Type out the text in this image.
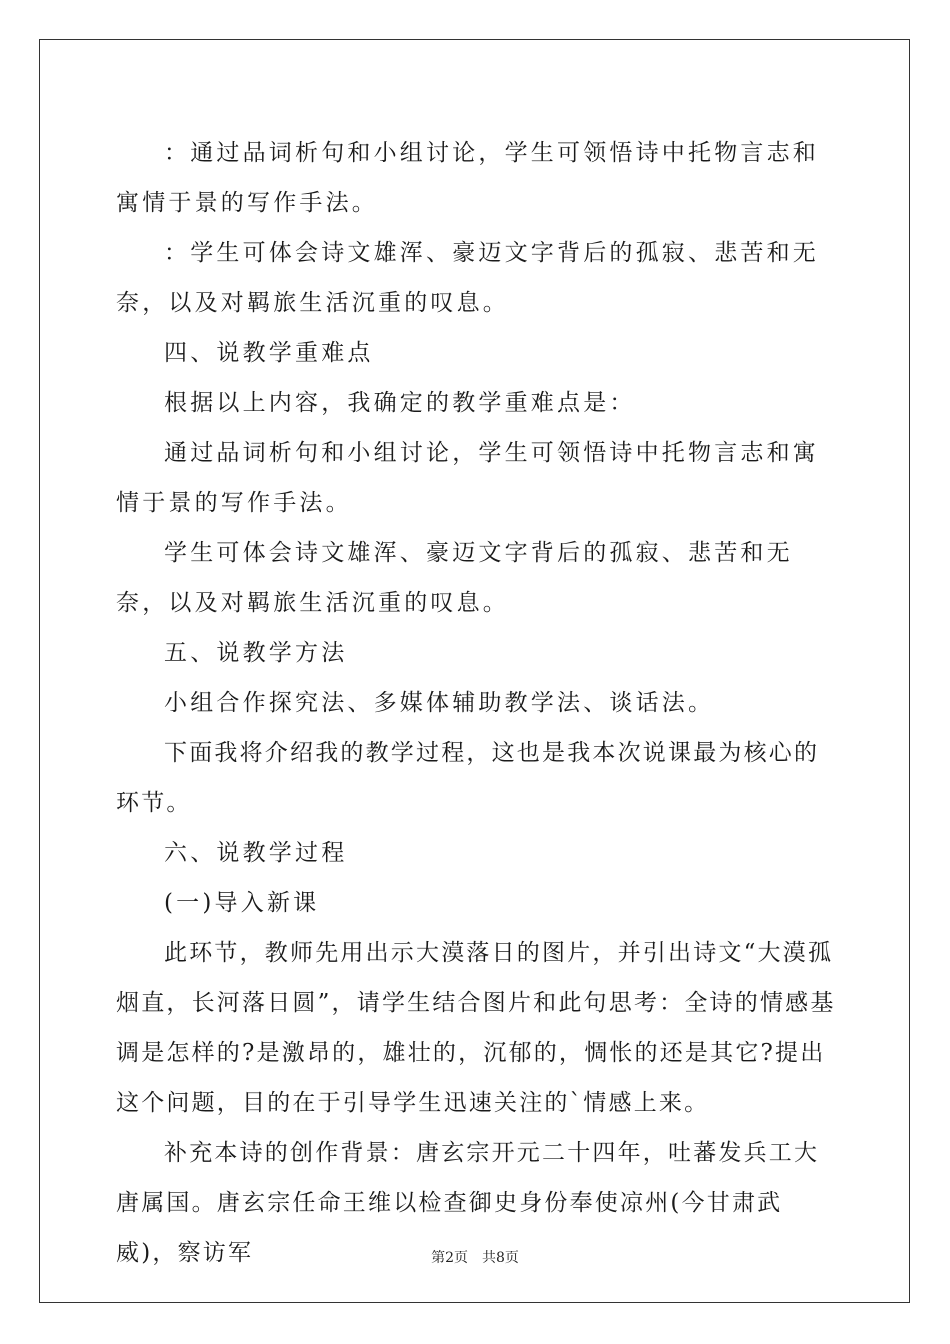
：通过品词析句和小组讨论，学生可领悟诗中托物言志和寓情于景的写作手法。

：学生可体会诗文雄浑、豪迈文字背后的孤寂、悲苦和无奈，以及对羁旅生活沉重的叹息。

四、说教学重难点

根据以上内容，我确定的教学重难点是：

通过品词析句和小组讨论，学生可领悟诗中托物言志和寓情于景的写作手法。

学生可体会诗文雄浑、豪迈文字背后的孤寂、悲苦和无奈，以及对羁旅生活沉重的叹息。

五、说教学方法

小组合作探究法、多媒体辅助教学法、谈话法。

下面我将介绍我的教学过程，这也是我本次说课最为核心的环节。

六、说教学过程

(一)导入新课

此环节，教师先用出示大漠落日的图片，并引出诗文“大漠孤烟直，长河落日圆”，请学生结合图片和此句思考：全诗的情感基调是怎样的?是激昂的，雄壮的，沉郁的，惆怅的还是其它?提出这个问题，目的在于引导学生迅速关注的`情感上来。

补充本诗的创作背景：唐玄宗开元二十四年，吐蕃发兵工大唐属国。唐玄宗任命王维以检查御史身份奉使凉州(今甘肃武威)，察访军	第2页　共8页
